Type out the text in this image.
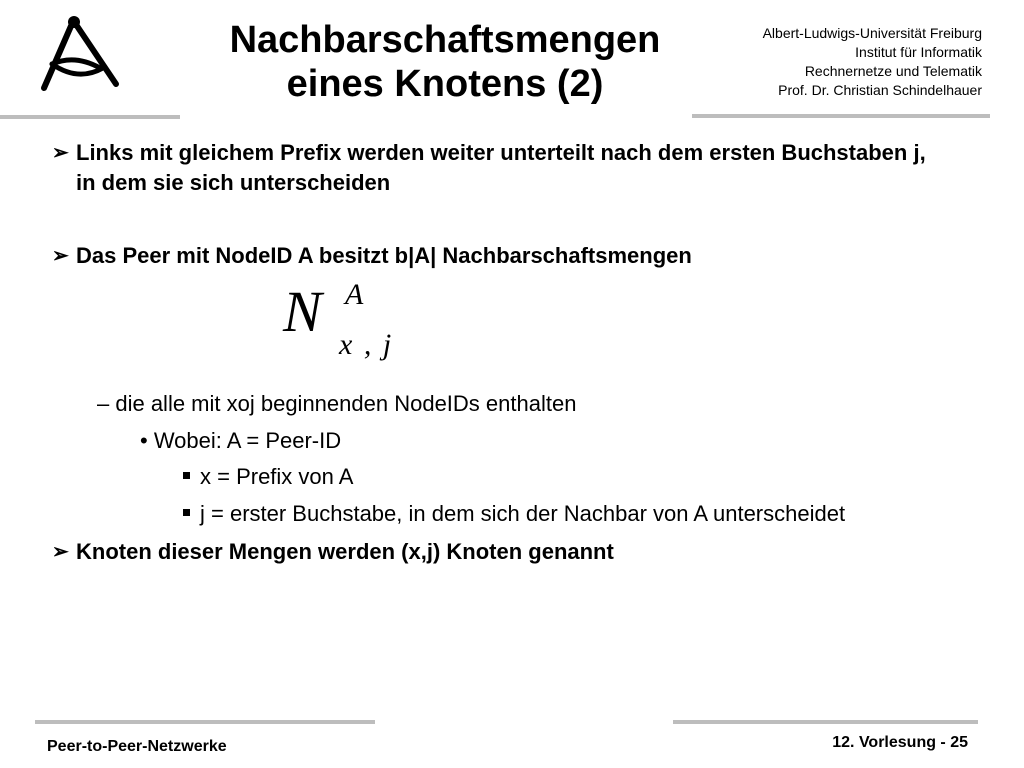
Nachbarschaftsmengen
eines Knotens (2)
Albert-Ludwigs-Universität Freiburg
Institut für Informatik
Rechnernetze und Telematik
Prof. Dr. Christian Schindelhauer
➢ Links mit gleichem Prefix werden weiter unterteilt nach dem ersten Buchstaben j, in dem sie sich unterscheiden
➢ Das Peer mit NodeID A besitzt b|A| Nachbarschaftsmengen
N A
x , j
– die alle mit xoj beginnenden NodeIDs enthalten
• Wobei: A = Peer-ID
x = Prefix von A
j = erster Buchstabe, in dem sich der Nachbar von A unterscheidet
➢ Knoten dieser Mengen werden (x,j) Knoten genannt
Peer-to-Peer-Netzwerke	12. Vorlesung - 25
